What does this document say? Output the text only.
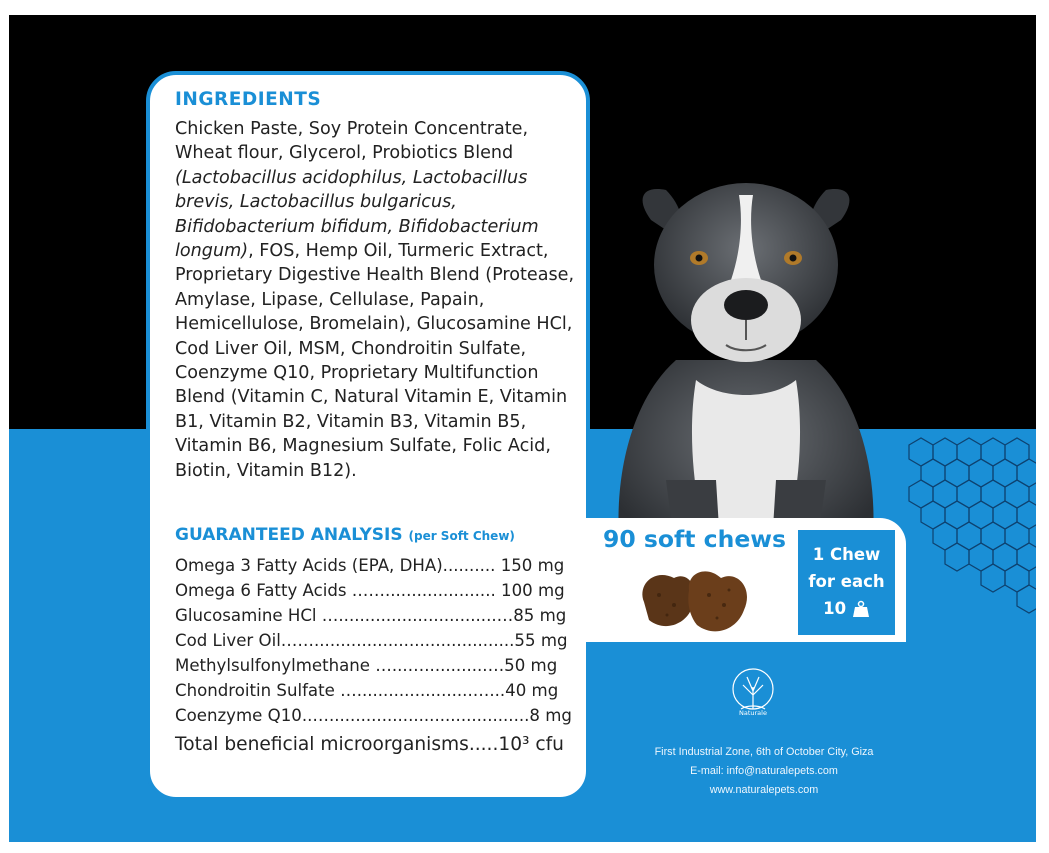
INGREDIENTS
Chicken Paste, Soy Protein Concentrate, Wheat flour, Glycerol, Probiotics Blend (Lactobacillus acidophilus, Lactobacillus brevis, Lactobacillus bulgaricus, Bifidobacterium bifidum, Bifidobacterium longum), FOS, Hemp Oil, Turmeric Extract, Proprietary Digestive Health Blend (Protease, Amylase, Lipase, Cellulase, Papain, Hemicellulose, Bromelain), Glucosamine HCl, Cod Liver Oil, MSM, Chondroitin Sulfate, Coenzyme Q10, Proprietary Multifunction Blend (Vitamin C, Natural Vitamin E, Vitamin B1, Vitamin B2, Vitamin B3, Vitamin B5, Vitamin B6, Magnesium Sulfate, Folic Acid, Biotin, Vitamin B12).
GUARANTEED ANALYSIS (per Soft Chew)
Omega 3 Fatty Acids (EPA, DHA).......... 150 mg
Omega 6 Fatty Acids ……..................... 100 mg
Glucosamine HCl …..............................…85 mg
Cod Liver Oil……......................................55 mg
Methylsulfonylmethane …...…............…50 mg
Chondroitin Sulfate …......................…...40 mg
Coenzyme Q10..…......................................8 mg
Total beneficial microorganisms.....10³ cfu
90 soft chews
1 Chew
for each
10
Naturale
First Industrial Zone, 6th of October City, Giza
E-mail: info@naturalepets.com
www.naturalepets.com
